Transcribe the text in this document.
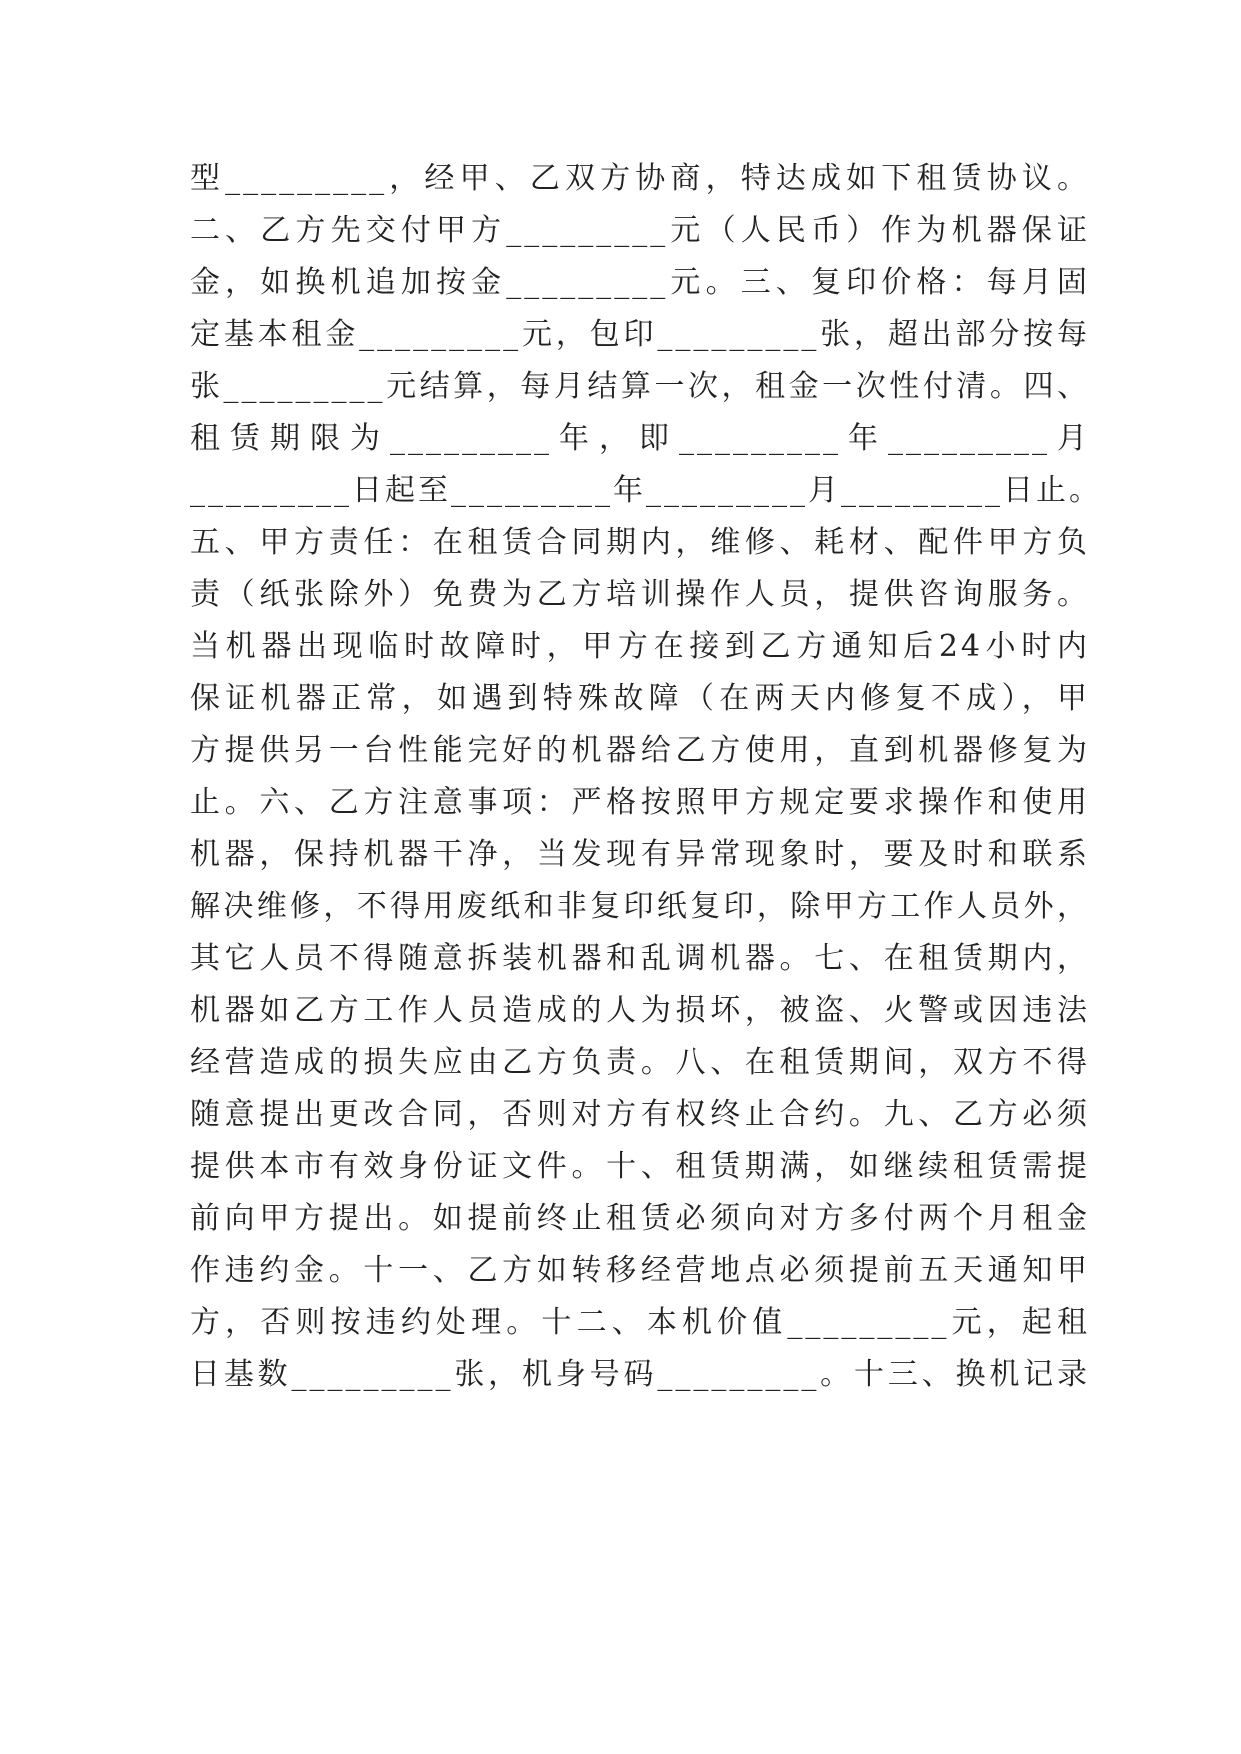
型_________，经甲、乙双方协商，特达成如下租赁协议。
二、乙方先交付甲方_________元（人民币）作为机器保证
金，如换机追加按金_________元。三、复印价格：每月固
定基本租金_________元，包印_________张，超出部分按每
张_________元结算，每月结算一次，租金一次性付清。四、
租赁期限为_________年，即_________年_________月
_________日起至_________年_________月_________日止。
五、甲方责任：在租赁合同期内，维修、耗材、配件甲方负
责（纸张除外）免费为乙方培训操作人员，提供咨询服务。
当机器出现临时故障时，甲方在接到乙方通知后24小时内
保证机器正常，如遇到特殊故障（在两天内修复不成），甲
方提供另一台性能完好的机器给乙方使用，直到机器修复为
止。六、乙方注意事项：严格按照甲方规定要求操作和使用
机器，保持机器干净，当发现有异常现象时，要及时和联系
解决维修，不得用废纸和非复印纸复印，除甲方工作人员外，
其它人员不得随意拆装机器和乱调机器。七、在租赁期内，
机器如乙方工作人员造成的人为损坏，被盗、火警或因违法
经营造成的损失应由乙方负责。八、在租赁期间，双方不得
随意提出更改合同，否则对方有权终止合约。九、乙方必须
提供本市有效身份证文件。十、租赁期满，如继续租赁需提
前向甲方提出。如提前终止租赁必须向对方多付两个月租金
作违约金。十一、乙方如转移经营地点必须提前五天通知甲
方，否则按违约处理。十二、本机价值_________元，起租
日基数_________张，机身号码_________。十三、换机记录
